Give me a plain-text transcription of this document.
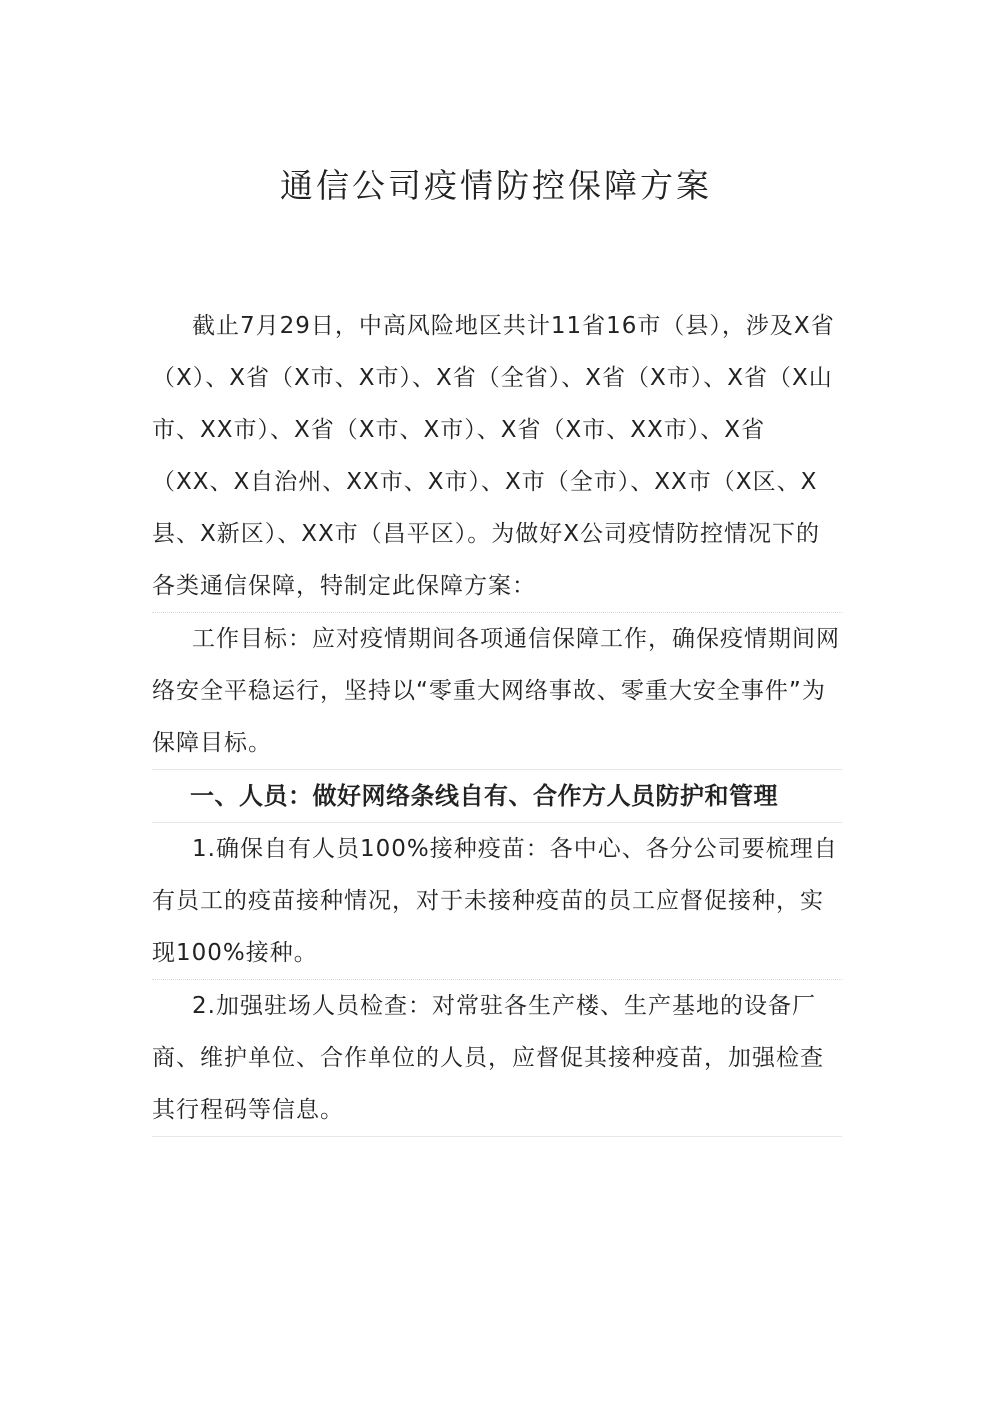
通信公司疫情防控保障方案

截止7月29日，中高风险地区共计11省16市（县），涉及X省（X）、X省（X市、X市）、X省（全省）、X省（X市）、X省（X山市、XX市）、X省（X市、X市）、X省（X市、XX市）、X省（XX、X自治州、XX市、X市）、X市（全市）、XX市（X区、X县、X新区）、XX市（昌平区）。为做好X公司疫情防控情况下的各类通信保障，特制定此保障方案：

工作目标：应对疫情期间各项通信保障工作，确保疫情期间网络安全平稳运行，坚持以“零重大网络事故、零重大安全事件”为保障目标。

一、人员：做好网络条线自有、合作方人员防护和管理

1.确保自有人员100%接种疫苗：各中心、各分公司要梳理自有员工的疫苗接种情况，对于未接种疫苗的员工应督促接种，实现100%接种。

2.加强驻场人员检查：对常驻各生产楼、生产基地的设备厂商、维护单位、合作单位的人员，应督促其接种疫苗，加强检查其行程码等信息。
